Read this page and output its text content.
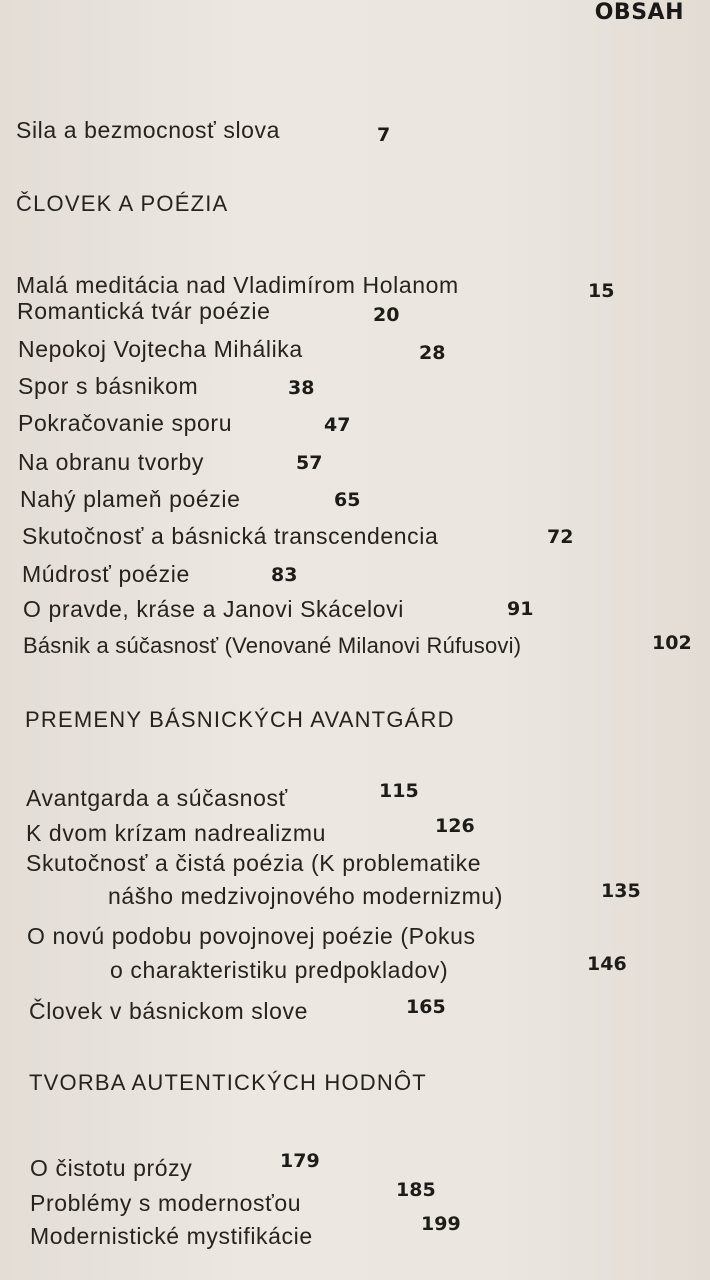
OBSAH
Sila a bezmocnosť slova	7
ČLOVEK A POÉZIA
Malá meditácia nad Vladimírom Holanom	15
Romantická tvár poézie	20
Nepokoj Vojtecha Mihálika	28
Spor s básnikom	38
Pokračovanie sporu	47
Na obranu tvorby	57
Nahý plameň poézie	65
Skutočnosť a básnická transcendencia	72
Múdrosť poézie	83
O pravde, kráse a Janovi Skácelovi	91
Básnik a súčasnosť (Venované Milanovi Rúfusovi)	102
PREMENY BÁSNICKÝCH AVANTGÁRD
Avantgarda a súčasnosť	115
K dvom krízam nadrealizmu	126
Skutočnosť a čistá poézia (K problematike
nášho medzivojnového modernizmu)	135
O novú podobu povojnovej poézie (Pokus
o charakteristiku predpokladov)	146
Človek v básnickom slove	165
TVORBA AUTENTICKÝCH HODNÔT
O čistotu prózy	179
Problémy s modernosťou	185
Modernistické mystifikácie	199
